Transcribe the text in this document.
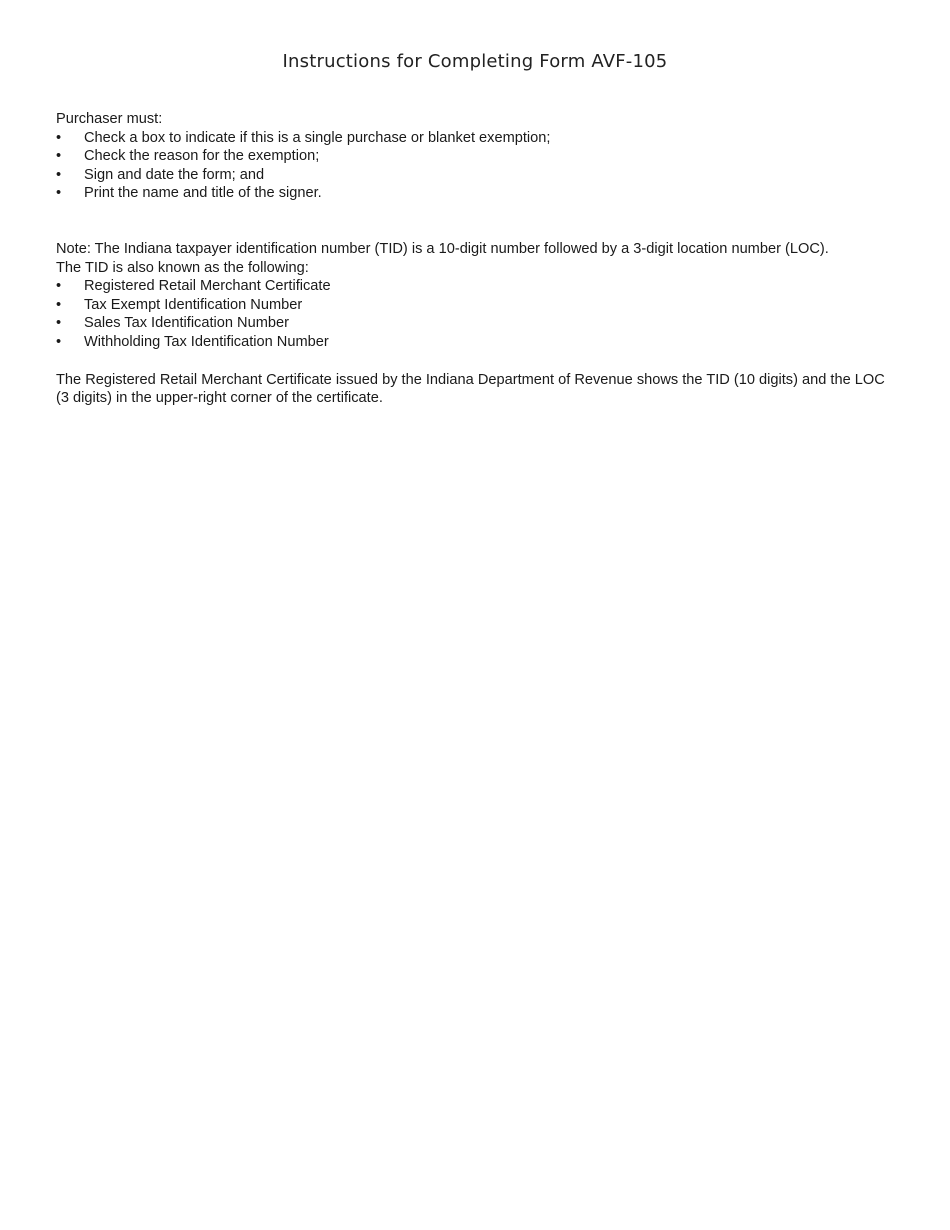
Instructions for Completing Form AVF-105

Purchaser must:

• Check a box to indicate if this is a single purchase or blanket exemption;
• Check the reason for the exemption;
• Sign and date the form; and
• Print the name and title of the signer.

Note: The Indiana taxpayer identification number (TID) is a 10-digit number followed by a 3-digit location number (LOC).

The TID is also known as the following:

• Registered Retail Merchant Certificate
• Tax Exempt Identification Number
• Sales Tax Identification Number
• Withholding Tax Identification Number

The Registered Retail Merchant Certificate issued by the Indiana Department of Revenue shows the TID (10 digits) and the LOC (3 digits) in the upper-right corner of the certificate.
